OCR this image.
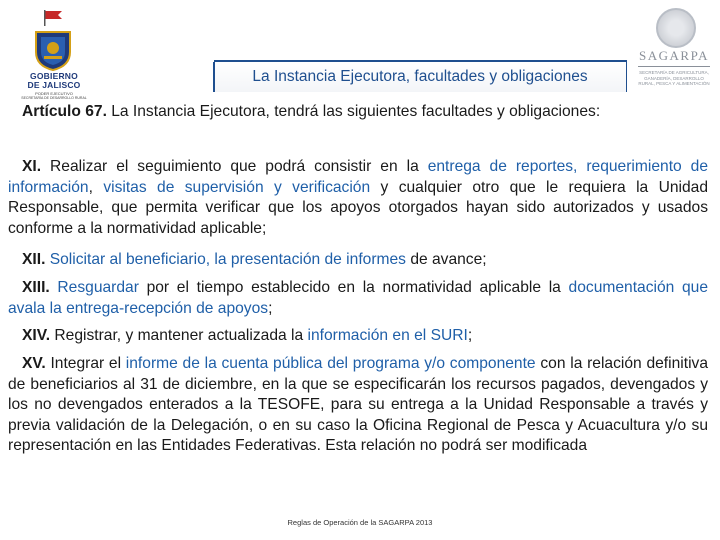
GOBIERNO
DE JALISCO
PODER EJECUTIVO
SECRETARÍA DE DESARROLLO RURAL
La Instancia Ejecutora, facultades y obligaciones
SAGARPA
SECRETARÍA DE AGRICULTURA, GANADERÍA, DESARROLLO RURAL, PESCA Y ALIMENTACIÓN
Artículo 67. La Instancia Ejecutora, tendrá las siguientes facultades y obligaciones:
XI. Realizar el seguimiento que podrá consistir en la entrega de reportes, requerimiento de información, visitas de supervisión y verificación y cualquier otro que le requiera la Unidad Responsable, que permita verificar que los apoyos otorgados hayan sido autorizados y usados conforme a la normatividad aplicable;
XII. Solicitar al beneficiario, la presentación de informes de avance;
XIII. Resguardar por el tiempo establecido en la normatividad aplicable la documentación que avala la entrega-recepción de apoyos;
XIV. Registrar, y mantener actualizada la información en el SURI;
XV. Integrar el informe de la cuenta pública del programa y/o componente con la relación definitiva de beneficiarios al 31 de diciembre, en la que se especificarán los recursos pagados, devengados y los no devengados enterados a la TESOFE, para su entrega a la Unidad Responsable a través y previa validación de la Delegación, o en su caso la Oficina Regional de Pesca y Acuacultura y/o su representación en las Entidades Federativas. Esta relación no podrá ser modificada
Reglas de Operación de la SAGARPA 2013
